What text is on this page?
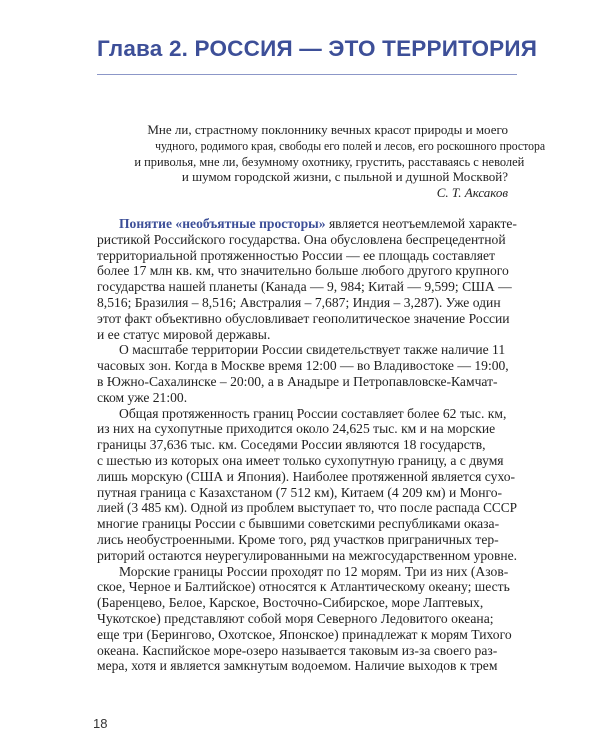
Глава 2. РОССИЯ — ЭТО ТЕРРИТОРИЯ
Мне ли, страстному поклоннику вечных красот природы и моего
чудного, родимого края, свободы его полей и лесов, его роскошного простора
и приволья, мне ли, безумному охотнику, грустить, расставаясь с неволей
и шумом городской жизни, с пыльной и душной Москвой?
С. Т. Аксаков
Понятие «необъятные просторы» является неотъемлемой характе-
ристикой Российского государства. Она обусловлена беспрецедентной
территориальной протяженностью России — ее площадь составляет
более 17 млн кв. км, что значительно больше любого другого крупного
государства нашей планеты (Канада — 9, 984; Китай — 9,599; США —
8,516; Бразилия – 8,516; Австралия – 7,687; Индия – 3,287). Уже один
этот факт объективно обусловливает геополитическое значение России
и ее статус мировой державы.
О масштабе территории России свидетельствует также наличие 11
часовых зон. Когда в Москве время 12:00 — во Владивостоке — 19:00,
в Южно-Сахалинске – 20:00, а в Анадыре и Петропавловске-Камчат-
ском уже 21:00.
Общая протяженность границ России составляет более 62 тыс. км,
из них на сухопутные приходится около 24,625 тыс. км и на морские
границы 37,636 тыс. км. Соседями России являются 18 государств,
с шестью из которых она имеет только сухопутную границу, а с двумя
лишь морскую (США и Япония). Наиболее протяженной является сухо-
путная граница с Казахстаном (7 512 км), Китаем (4 209 км) и Монго-
лией (3 485 км). Одной из проблем выступает то, что после распада СССР
многие границы России с бывшими советскими республиками оказа-
лись необустроенными. Кроме того, ряд участков приграничных тер-
риторий остаются неурегулированными на межгосударственном уровне.
Морские границы России проходят по 12 морям. Три из них (Азов-
ское, Черное и Балтийское) относятся к Атлантическому океану; шесть
(Баренцево, Белое, Карское, Восточно-Сибирское, море Лаптевых,
Чукотское) представляют собой моря Северного Ледовитого океана;
еще три (Берингово, Охотское, Японское) принадлежат к морям Тихого
океана. Каспийское море-озеро называется таковым из-за своего раз-
мера, хотя и является замкнутым водоемом. Наличие выходов к трем
18
